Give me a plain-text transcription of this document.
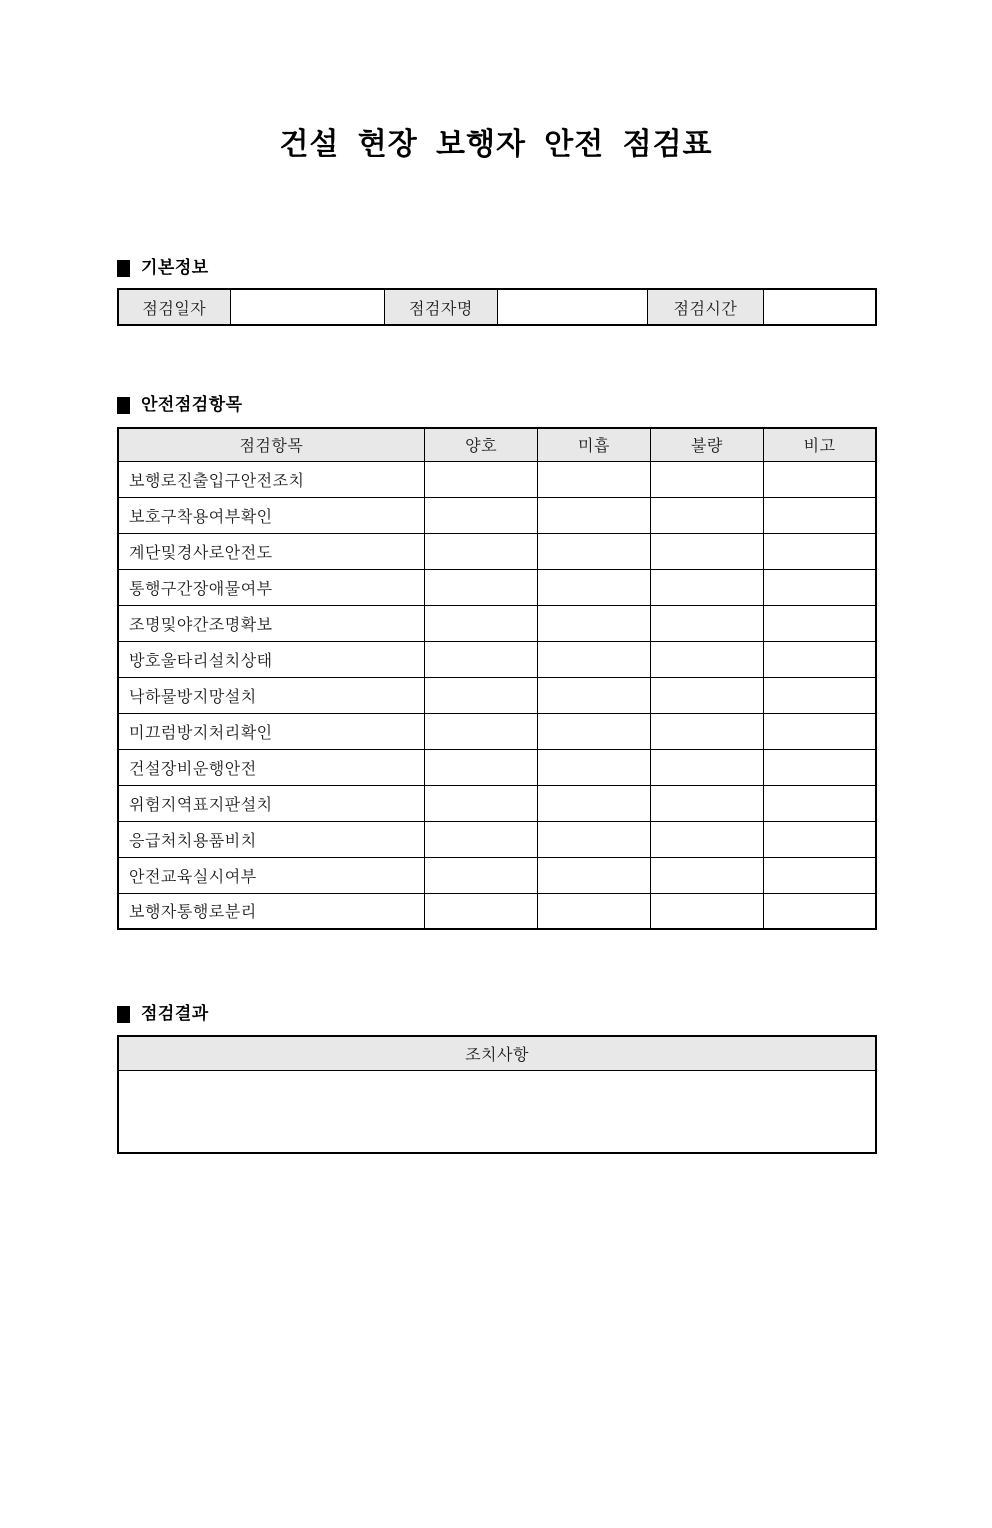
건설 현장 보행자 안전 점검표
기본정보
점검일자		점검자명		점검시간	
안전점검항목
점검항목	양호	미흡	불량	비고
보행로진출입구안전조치				
보호구착용여부확인				
계단및경사로안전도				
통행구간장애물여부				
조명및야간조명확보				
방호울타리설치상태				
낙하물방지망설치				
미끄럼방지처리확인				
건설장비운행안전				
위험지역표지판설치				
응급처치용품비치				
안전교육실시여부				
보행자통행로분리				
점검결과
조치사항
